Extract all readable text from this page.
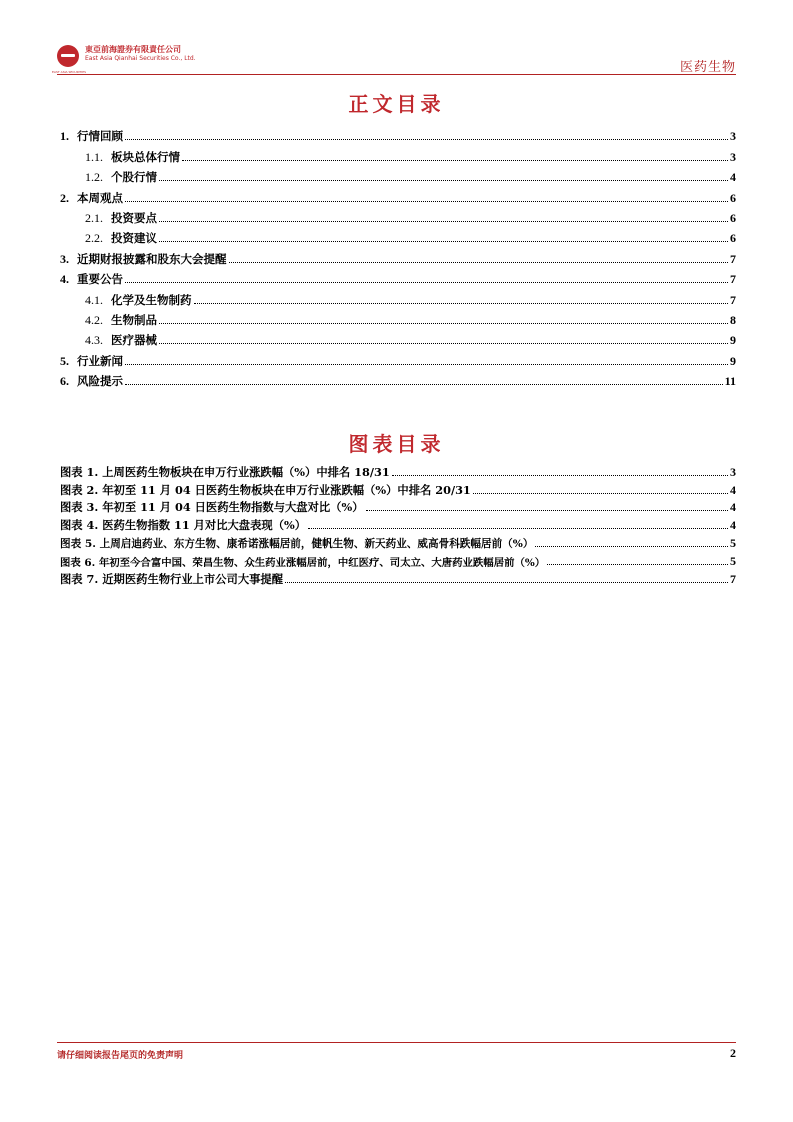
東亞前海證券有限責任公司
East Asia Qianhai Securities Co., Ltd.
EAST ASIA SECURITIES	医药生物
正文目录
1. 行情回顾	3
1.1. 板块总体行情	3
1.2. 个股行情	4
2. 本周观点	6
2.1. 投资要点	6
2.2. 投资建议	6
3. 近期财报披露和股东大会提醒	7
4. 重要公告	7
4.1. 化学及生物制药	7
4.2. 生物制品	8
4.3. 医疗器械	9
5. 行业新闻	9
6. 风险提示	11
图表目录
图表 1. 上周医药生物板块在申万行业涨跌幅（%）中排名 18/31	3
图表 2. 年初至 11 月 04 日医药生物板块在申万行业涨跌幅（%）中排名 20/31	4
图表 3. 年初至 11 月 04 日医药生物指数与大盘对比（%）	4
图表 4. 医药生物指数 11 月对比大盘表现（%）	4
图表 5. 上周启迪药业、东方生物、康希诺涨幅居前，健帆生物、新天药业、威高骨科跌幅居前（%）	5
图表 6. 年初至今合富中国、荣昌生物、众生药业涨幅居前，中红医疗、司太立、大唐药业跌幅居前（%）	5
图表 7. 近期医药生物行业上市公司大事提醒	7
请仔细阅读报告尾页的免责声明	2
